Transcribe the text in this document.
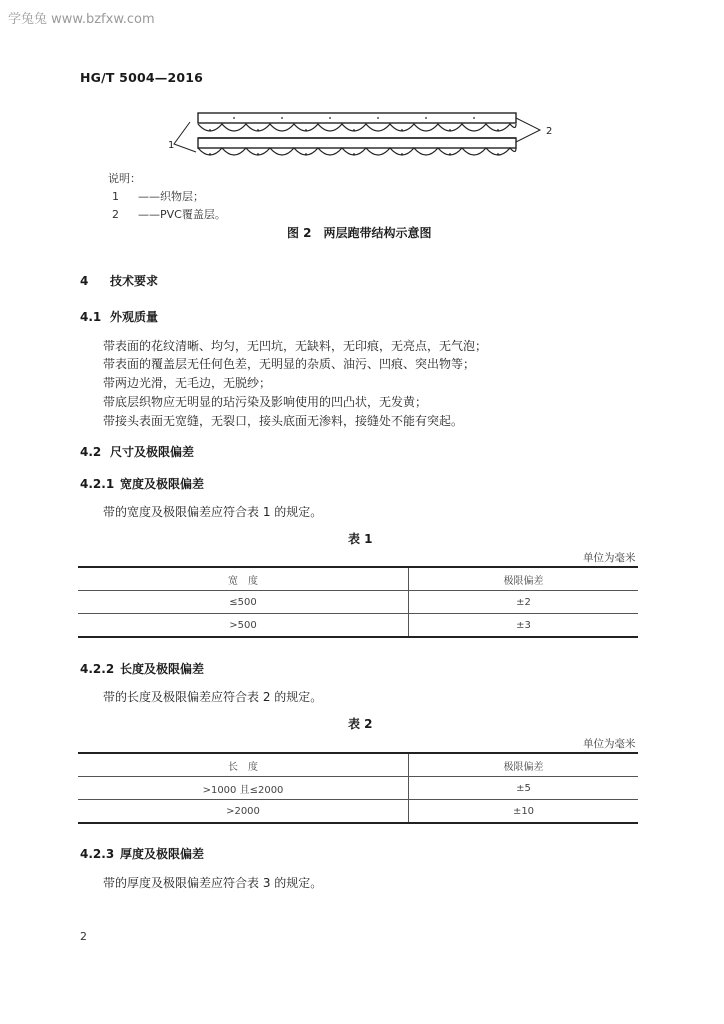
学兔兔 www.bzfxw.com
HG/T 5004—2016
1
2
说明：
1 ——织物层；
2 ——PVC覆盖层。
图 2　两层跑带结构示意图
4 技术要求
4.1 外观质量
带表面的花纹清晰、均匀，无凹坑，无缺料，无印痕，无亮点，无气泡；
带表面的覆盖层无任何色差，无明显的杂质、油污、凹痕、突出物等；
带两边光滑，无毛边，无脱纱；
带底层织物应无明显的玷污染及影响使用的凹凸状，无发黄；
带接头表面无宽缝，无裂口，接头底面无渗料，接缝处不能有突起。
4.2 尺寸及极限偏差
4.2.1 宽度及极限偏差
带的宽度及极限偏差应符合表 1 的规定。
表 1
单位为毫米
宽　度	极限偏差
≤500	±2
>500	±3
4.2.2 长度及极限偏差
带的长度及极限偏差应符合表 2 的规定。
表 2
单位为毫米
长　度	极限偏差
>1000 且≤2000	±5
>2000	±10
4.2.3 厚度及极限偏差
带的厚度及极限偏差应符合表 3 的规定。
2
